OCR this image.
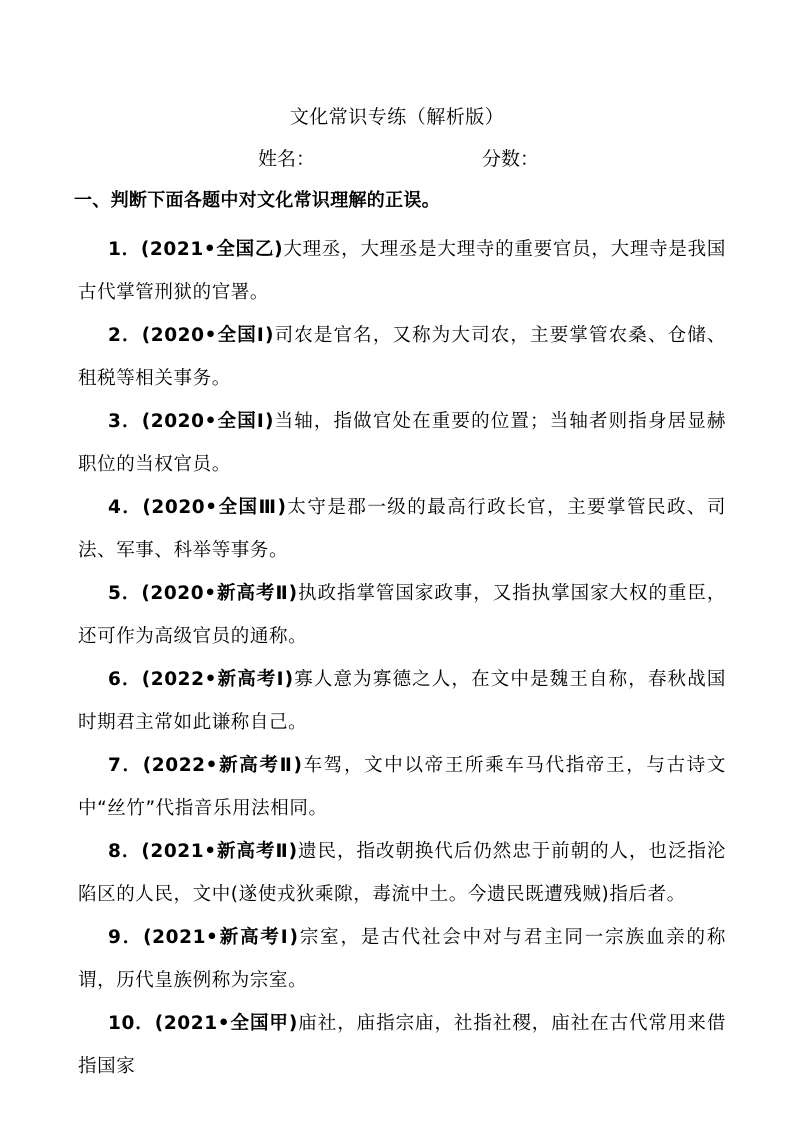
文化常识专练（解析版）
姓名：	分数：
一、判断下面各题中对文化常识理解的正误。

1．(2021•全国乙)大理丞，大理丞是大理寺的重要官员，大理寺是我国古代掌管刑狱的官署。

2．(2020•全国Ⅰ)司农是官名，又称为大司农，主要掌管农桑、仓储、租税等相关事务。

3．(2020•全国Ⅰ)当轴，指做官处在重要的位置；当轴者则指身居显赫职位的当权官员。

4．(2020•全国Ⅲ)太守是郡一级的最高行政长官，主要掌管民政、司法、军事、科举等事务。

5．(2020•新高考Ⅱ)执政指掌管国家政事，又指执掌国家大权的重臣，还可作为高级官员的通称。

6．(2022•新高考Ⅰ)寡人意为寡德之人，在文中是魏王自称，春秋战国时期君主常如此谦称自己。

7．(2022•新高考Ⅱ)车驾，文中以帝王所乘车马代指帝王，与古诗文中“丝竹”代指音乐用法相同。

8．(2021•新高考Ⅱ)遗民，指改朝换代后仍然忠于前朝的人，也泛指沦陷区的人民，文中(遂使戎狄乘隙，毒流中土。今遗民既遭残贼)指后者。

9．(2021•新高考Ⅰ)宗室，是古代社会中对与君主同一宗族血亲的称谓，历代皇族例称为宗室。

10．(2021•全国甲)庙社，庙指宗庙，社指社稷，庙社在古代常用来借指国家
